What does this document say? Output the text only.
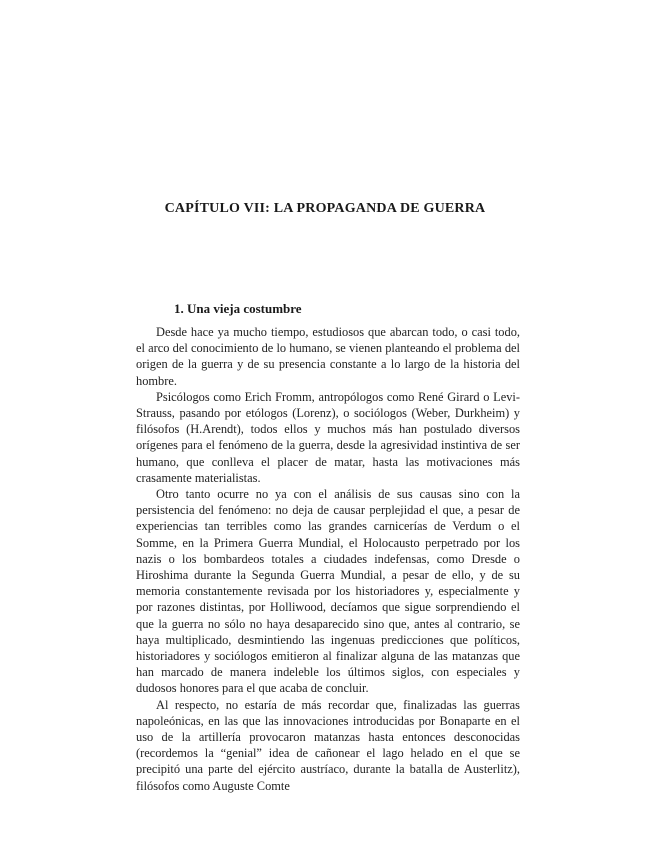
CAPÍTULO VII: LA PROPAGANDA DE GUERRA
1. Una vieja costumbre

Desde hace ya mucho tiempo, estudiosos que abarcan todo, o casi todo, el arco del conocimiento de lo humano, se vienen planteando el problema del origen de la guerra y de su presencia constante a lo largo de la historia del hombre.

Psicólogos como Erich Fromm, antropólogos como René Girard o Levi-Strauss, pasando por etólogos (Lorenz), o sociólogos (Weber, Durkheim) y filósofos (H.Arendt), todos ellos y muchos más han postulado diversos orígenes para el fenómeno de la guerra, desde la agresividad instintiva de ser humano, que conlleva el placer de matar, hasta las motivaciones más crasamente materialistas.

Otro tanto ocurre no ya con el análisis de sus causas sino con la persistencia del fenómeno: no deja de causar perplejidad el que, a pesar de experiencias tan terribles como las grandes carnicerías de Verdum o el Somme, en la Primera Guerra Mundial, el Holocausto perpetrado por los nazis o los bombardeos totales a ciudades indefensas, como Dresde o Hiroshima durante la Segunda Guerra Mundial, a pesar de ello, y de su memoria constantemente revisada por los historiadores y, especialmente y por razones distintas, por Holliwood, decíamos que sigue sorprendiendo el que la guerra no sólo no haya desaparecido sino que, antes al contrario, se haya multiplicado, desmintiendo las ingenuas predicciones que políticos, historiadores y sociólogos emitieron al finalizar alguna de las matanzas que han marcado de manera indeleble los últimos siglos, con especiales y dudosos honores para el que acaba de concluir.

Al respecto, no estaría de más recordar que, finalizadas las guerras napoleónicas, en las que las innovaciones introducidas por Bonaparte en el uso de la artillería provocaron matanzas hasta entonces desconocidas (recordemos la “genial” idea de cañonear el lago helado en el que se precipitó una parte del ejército austríaco, durante la batalla de Austerlitz), filósofos como Auguste Comte
